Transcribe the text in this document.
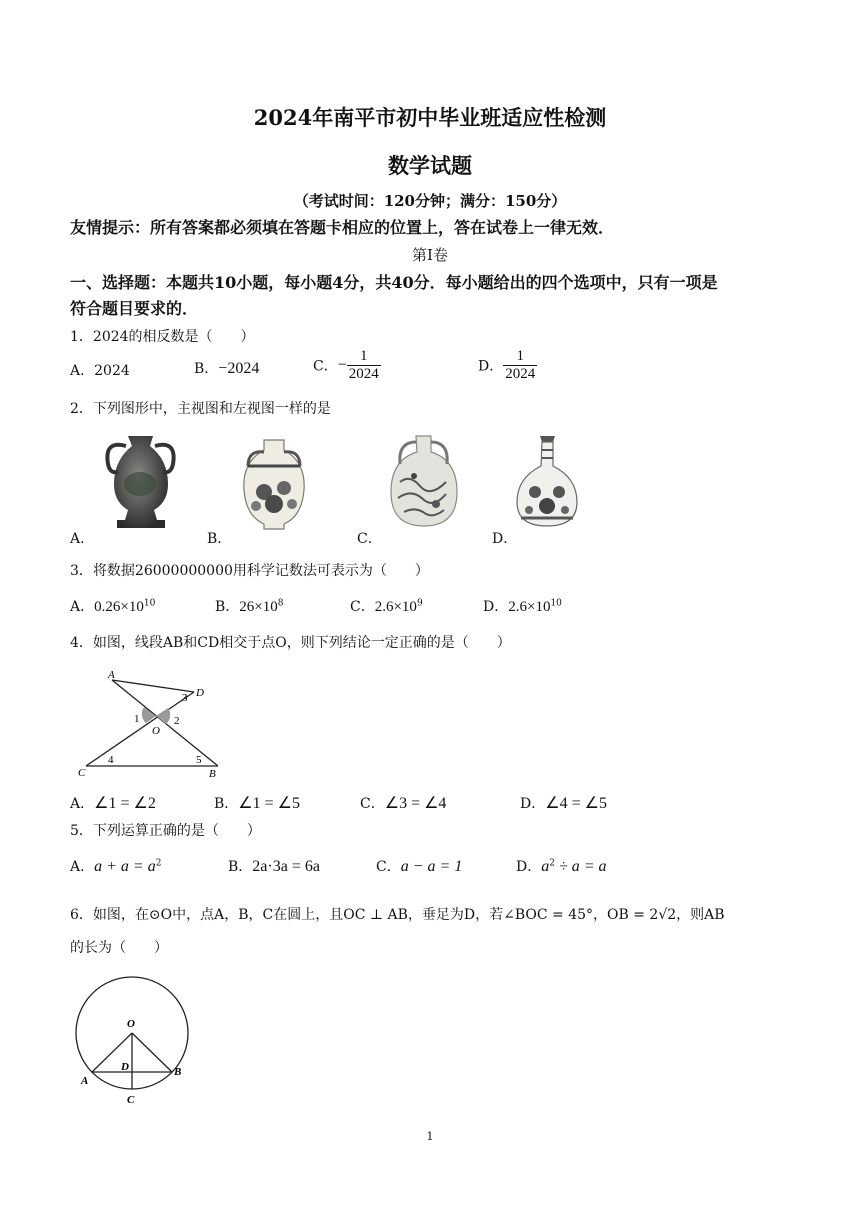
2024年南平市初中毕业班适应性检测
数学试题
（考试时间：120分钟；满分：150分）
友情提示：所有答案都必须填在答题卡相应的位置上，答在试卷上一律无效．
第Ⅰ卷
一、选择题：本题共10小题，每小题4分，共40分．每小题给出的四个选项中，只有一项是
符合题目要求的．
1．2024的相反数是（　　）
A．2024	B．−2024	C．− $\frac{1}{2024}$	D． $\frac{1}{2024}$
2．下列图形中，主视图和左视图一样的是
A．	B．	C．	D．
3．将数据26000000000用科学记数法可表示为（　　）
A．$0.26\times 10^{10}$	B．$26\times 10^8$	C．$2.6\times 10^9$	D．$2.6\times 10^{10}$
4．如图，线段AB和CD相交于点O，则下列结论一定正确的是（　　）
A
D
O
C	B
1	2
3
4	5
A．∠1 = ∠2	B．∠1 = ∠5	C．∠3 = ∠4	D．∠4 = ∠5
5．下列运算正确的是（　　）
A．$a + a = a^2$	B．2a·3a = 6a	C．a − a = 1	D．$a^2 \div a = a$
6．如图，在⊙O中，点A，B，C在圆上，且OC ⊥ AB，垂足为D，若∠BOC = 45°，OB = 2√2，则AB
的长为（　　）
O
D
A
B
C
1
